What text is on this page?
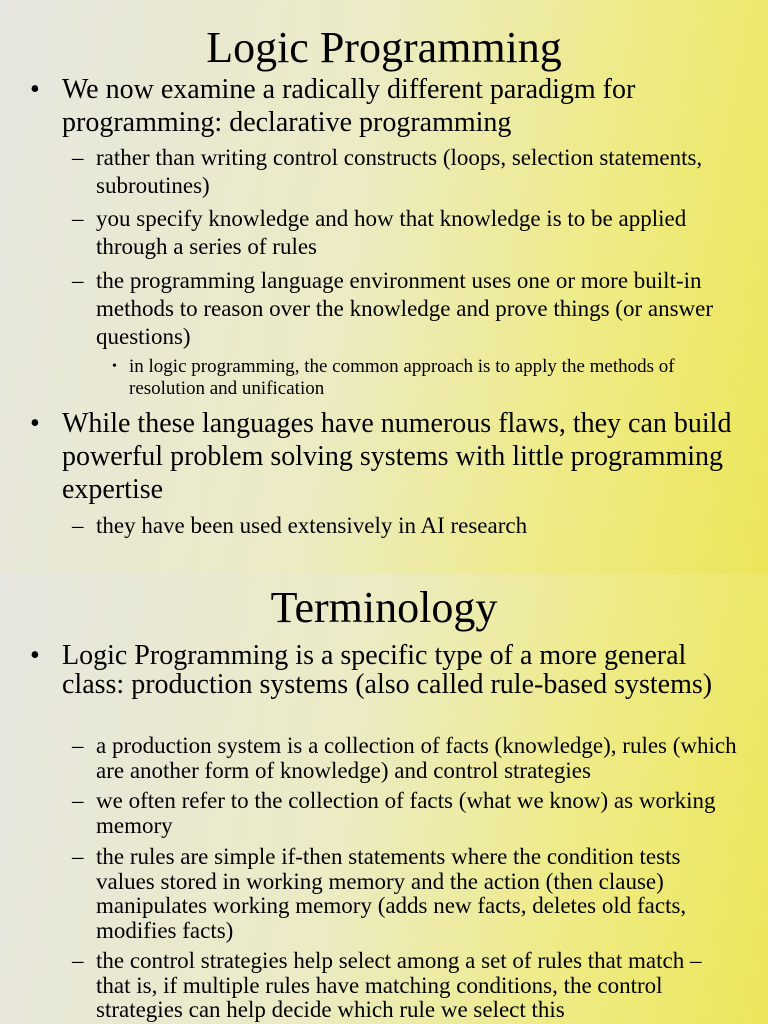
Logic Programming
• We now examine a radically different paradigm for programming: declarative programming
– rather than writing control constructs (loops, selection statements, subroutines)
– you specify knowledge and how that knowledge is to be applied through a series of rules
– the programming language environment uses one or more built-in methods to reason over the knowledge and prove things (or answer questions)
• in logic programming, the common approach is to apply the methods of resolution and unification
• While these languages have numerous flaws, they can build powerful problem solving systems with little programming expertise
– they have been used extensively in AI research
Terminology
• Logic Programming is a specific type of a more general class: production systems (also called rule-based systems)
– a production system is a collection of facts (knowledge), rules (which are another form of knowledge) and control strategies
– we often refer to the collection of facts (what we know) as working memory
– the rules are simple if-then statements where the condition tests values stored in working memory and the action (then clause) manipulates working memory (adds new facts, deletes old facts, modifies facts)
– the control strategies help select among a set of rules that match – that is, if multiple rules have matching conditions, the control strategies can help decide which rule we select this
